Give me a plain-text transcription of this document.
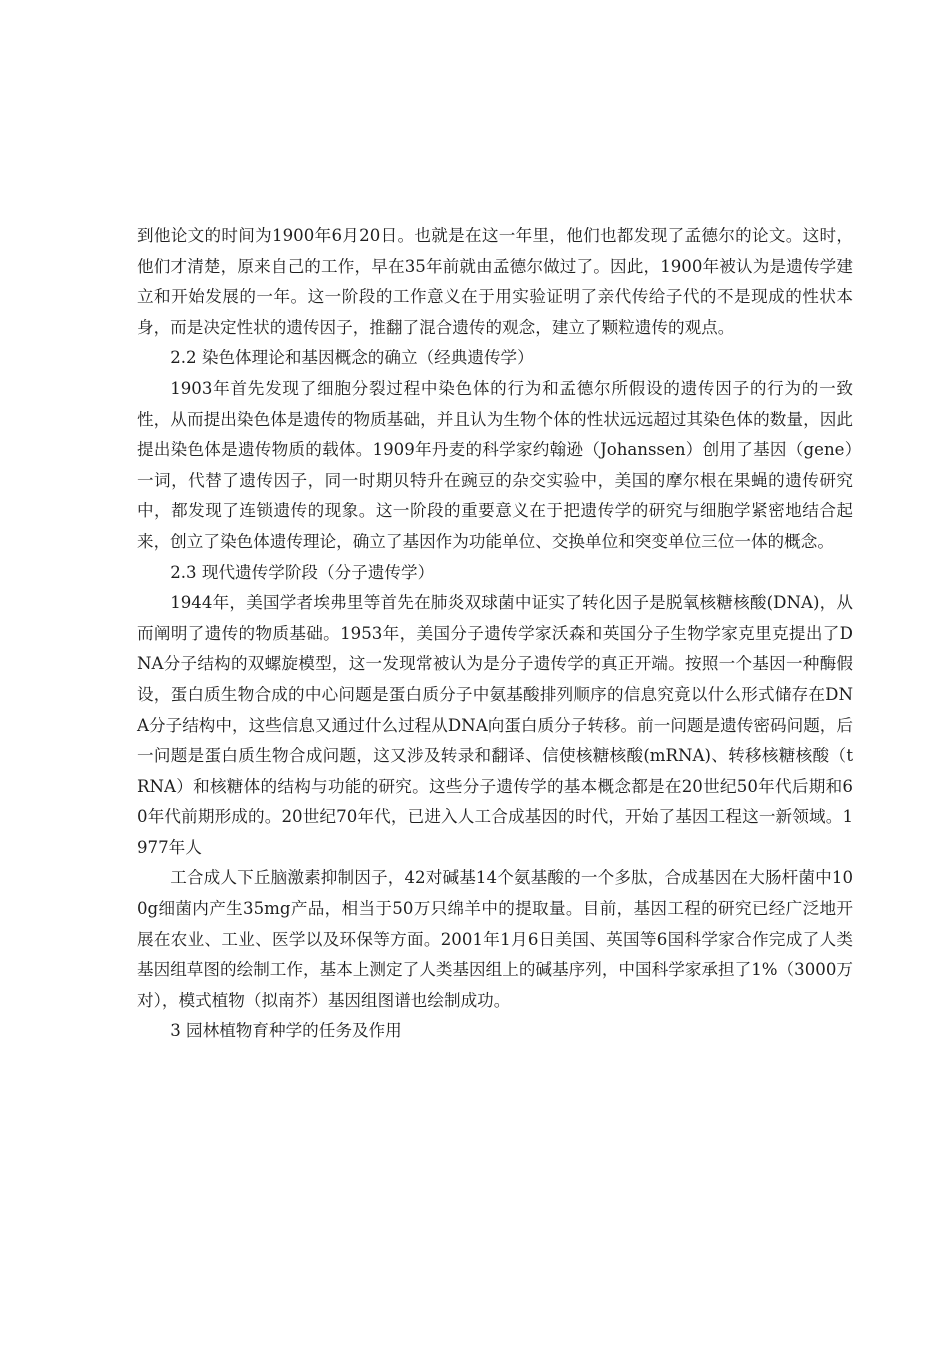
到他论文的时间为1900年6月20日。也就是在这一年里，他们也都发现了孟德尔的论文。这时，他们才清楚，原来自己的工作，早在35年前就由孟德尔做过了。因此，1900年被认为是遗传学建立和开始发展的一年。这一阶段的工作意义在于用实验证明了亲代传给子代的不是现成的性状本身，而是决定性状的遗传因子，推翻了混合遗传的观念，建立了颗粒遗传的观点。

2.2 染色体理论和基因概念的确立（经典遗传学）

1903年首先发现了细胞分裂过程中染色体的行为和孟德尔所假设的遗传因子的行为的一致性，从而提出染色体是遗传的物质基础，并且认为生物个体的性状远远超过其染色体的数量，因此提出染色体是遗传物质的载体。1909年丹麦的科学家约翰逊（Johanssen）创用了基因（gene）一词，代替了遗传因子，同一时期贝特升在豌豆的杂交实验中，美国的摩尔根在果蝇的遗传研究中，都发现了连锁遗传的现象。这一阶段的重要意义在于把遗传学的研究与细胞学紧密地结合起来，创立了染色体遗传理论，确立了基因作为功能单位、交换单位和突变单位三位一体的概念。

2.3 现代遗传学阶段（分子遗传学）

1944年，美国学者埃弗里等首先在肺炎双球菌中证实了转化因子是脱氧核糖核酸(DNA)，从而阐明了遗传的物质基础。1953年，美国分子遗传学家沃森和英国分子生物学家克里克提出了DNA分子结构的双螺旋模型，这一发现常被认为是分子遗传学的真正开端。按照一个基因一种酶假设，蛋白质生物合成的中心问题是蛋白质分子中氨基酸排列顺序的信息究竟以什么形式储存在DNA分子结构中，这些信息又通过什么过程从DNA向蛋白质分子转移。前一问题是遗传密码问题，后一问题是蛋白质生物合成问题，这又涉及转录和翻译、信使核糖核酸(mRNA)、转移核糖核酸（tRNA）和核糖体的结构与功能的研究。这些分子遗传学的基本概念都是在20世纪50年代后期和60年代前期形成的。20世纪70年代，已进入人工合成基因的时代，开始了基因工程这一新领域。1977年人

工合成人下丘脑激素抑制因子，42对碱基14个氨基酸的一个多肽，合成基因在大肠杆菌中100g细菌内产生35mg产品，相当于50万只绵羊中的提取量。目前，基因工程的研究已经广泛地开展在农业、工业、医学以及环保等方面。2001年1月6日美国、英国等6国科学家合作完成了人类基因组草图的绘制工作，基本上测定了人类基因组上的碱基序列，中国科学家承担了1%（3000万对），模式植物（拟南芥）基因组图谱也绘制成功。

3 园林植物育种学的任务及作用
